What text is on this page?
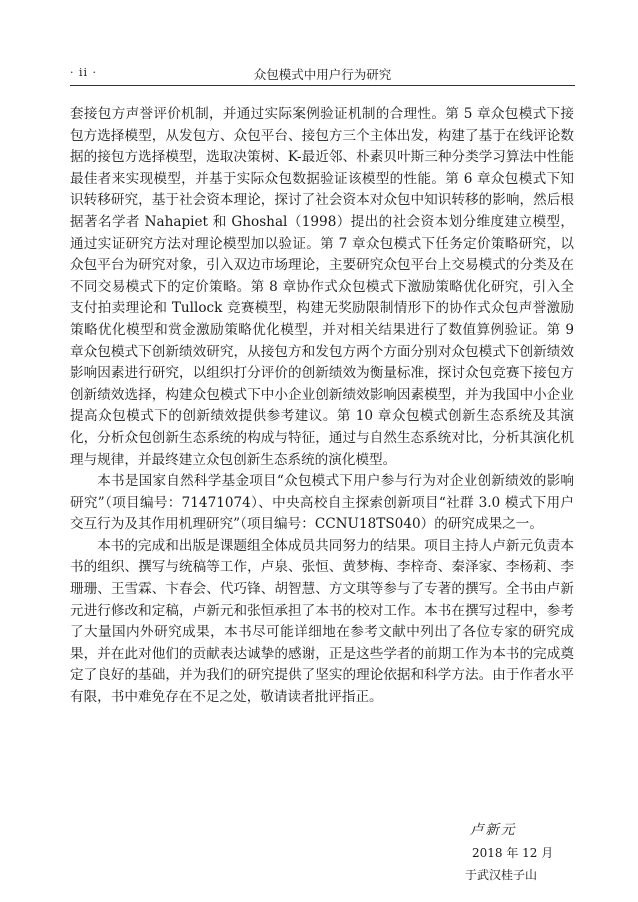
· ii ·	众包模式中用户行为研究

套接包方声誉评价机制，并通过实际案例验证机制的合理性。第 5 章众包模式下接包方选择模型，从发包方、众包平台、接包方三个主体出发，构建了基于在线评论数据的接包方选择模型，选取决策树、K-最近邻、朴素贝叶斯三种分类学习算法中性能最佳者来实现模型，并基于实际众包数据验证该模型的性能。第 6 章众包模式下知识转移研究，基于社会资本理论，探讨了社会资本对众包中知识转移的影响，然后根据著名学者 Nahapiet 和 Ghoshal（1998）提出的社会资本划分维度建立模型，通过实证研究方法对理论模型加以验证。第 7 章众包模式下任务定价策略研究，以众包平台为研究对象，引入双边市场理论，主要研究众包平台上交易模式的分类及在不同交易模式下的定价策略。第 8 章协作式众包模式下激励策略优化研究，引入全支付拍卖理论和 Tullock 竞赛模型，构建无奖励限制情形下的协作式众包声誉激励策略优化模型和赏金激励策略优化模型，并对相关结果进行了数值算例验证。第 9 章众包模式下创新绩效研究，从接包方和发包方两个方面分别对众包模式下创新绩效影响因素进行研究，以组织打分评价的创新绩效为衡量标准，探讨众包竞赛下接包方创新绩效选择，构建众包模式下中小企业创新绩效影响因素模型，并为我国中小企业提高众包模式下的创新绩效提供参考建议。第 10 章众包模式创新生态系统及其演化，分析众包创新生态系统的构成与特征，通过与自然生态系统对比，分析其演化机理与规律，并最终建立众包创新生态系统的演化模型。

本书是国家自然科学基金项目“众包模式下用户参与行为对企业创新绩效的影响研究”（项目编号：71471074）、中央高校自主探索创新项目“社群 3.0 模式下用户交互行为及其作用机理研究”（项目编号：CCNU18TS040）的研究成果之一。

本书的完成和出版是课题组全体成员共同努力的结果。项目主持人卢新元负责本书的组织、撰写与统稿等工作，卢泉、张恒、黄梦梅、李梓奇、秦泽家、李杨莉、李珊珊、王雪霖、卞春会、代巧锋、胡智慧、方文琪等参与了专著的撰写。全书由卢新元进行修改和定稿，卢新元和张恒承担了本书的校对工作。本书在撰写过程中，参考了大量国内外研究成果，本书尽可能详细地在参考文献中列出了各位专家的研究成果，并在此对他们的贡献表达诚挚的感谢，正是这些学者的前期工作为本书的完成奠定了良好的基础，并为我们的研究提供了坚实的理论依据和科学方法。由于作者水平有限，书中难免存在不足之处，敬请读者批评指正。

卢新元
2018 年 12 月
于武汉桂子山
